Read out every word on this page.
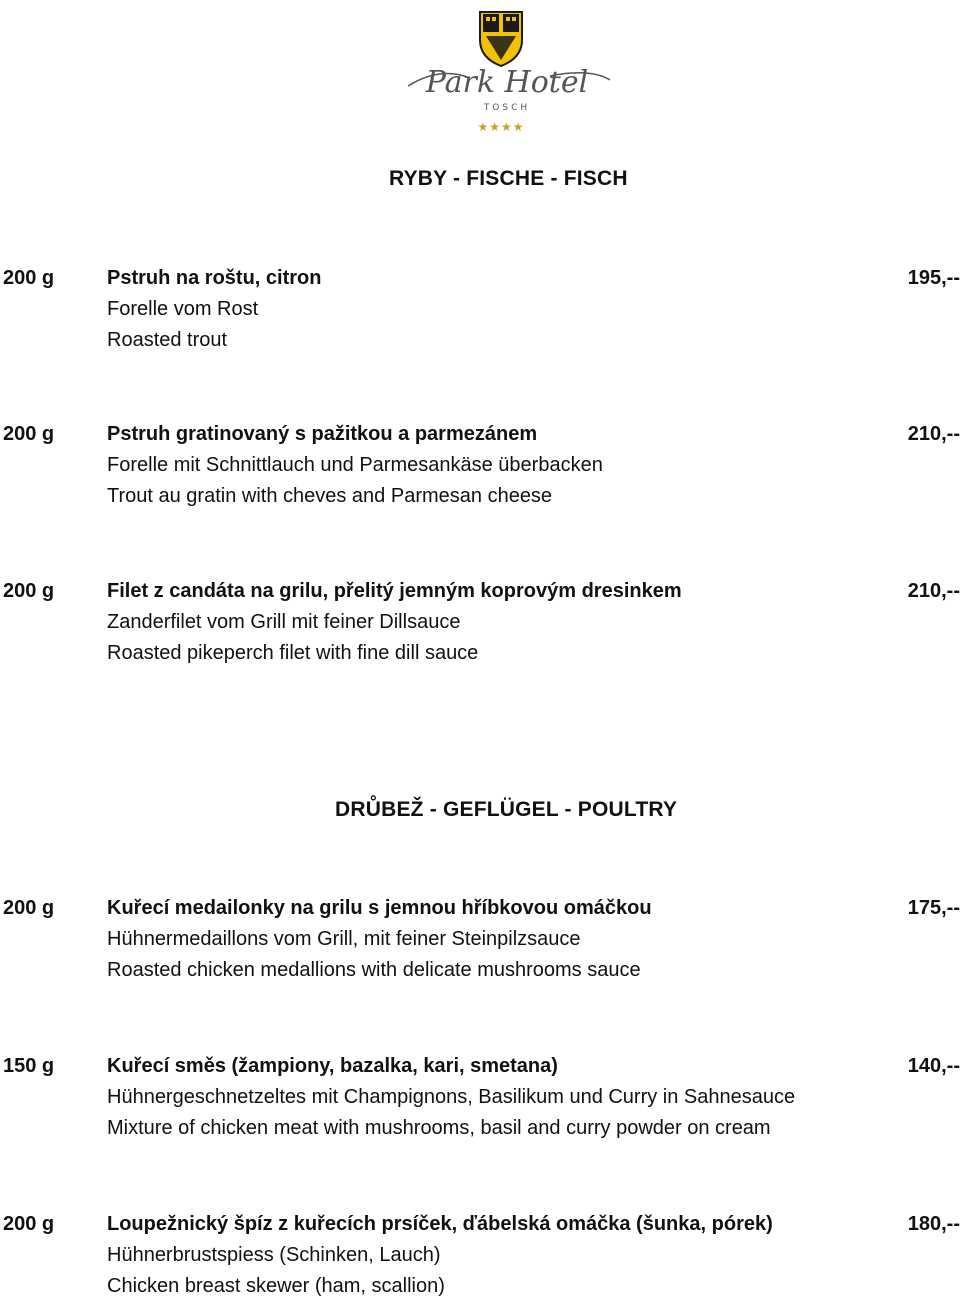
Park Hotel
TOSCH
★★★★
RYBY - FISCHE - FISCH
200 g	Pstruh na roštu, citron
Forelle vom Rost
Roasted trout
195,--
200 g	Pstruh gratinovaný s pažitkou a parmezánem
Forelle mit Schnittlauch und Parmesankäse überbacken
Trout au gratin with cheves and Parmesan cheese
210,--
200 g	Filet z candáta na grilu, přelitý jemným koprovým dresinkem
Zanderfilet vom Grill mit feiner Dillsauce
Roasted pikeperch filet with fine dill sauce
210,--
DRŮBEŽ - GEFLÜGEL - POULTRY
200 g	Kuřecí medailonky na grilu s jemnou hříbkovou omáčkou
Hühnermedaillons vom Grill, mit feiner Steinpilzsauce
Roasted chicken medallions with delicate mushrooms sauce
175,--
150 g	Kuřecí směs (žampiony, bazalka, kari, smetana)
Hühnergeschnetzeltes mit Champignons, Basilikum und Curry in Sahnesauce
Mixture of chicken meat with mushrooms, basil and curry powder on cream
140,--
200 g	Loupežnický špíz z kuřecích prsíček, ďábelská omáčka (šunka, pórek)
Hühnerbrustspiess (Schinken, Lauch)
Chicken breast skewer (ham, scallion)
180,--
